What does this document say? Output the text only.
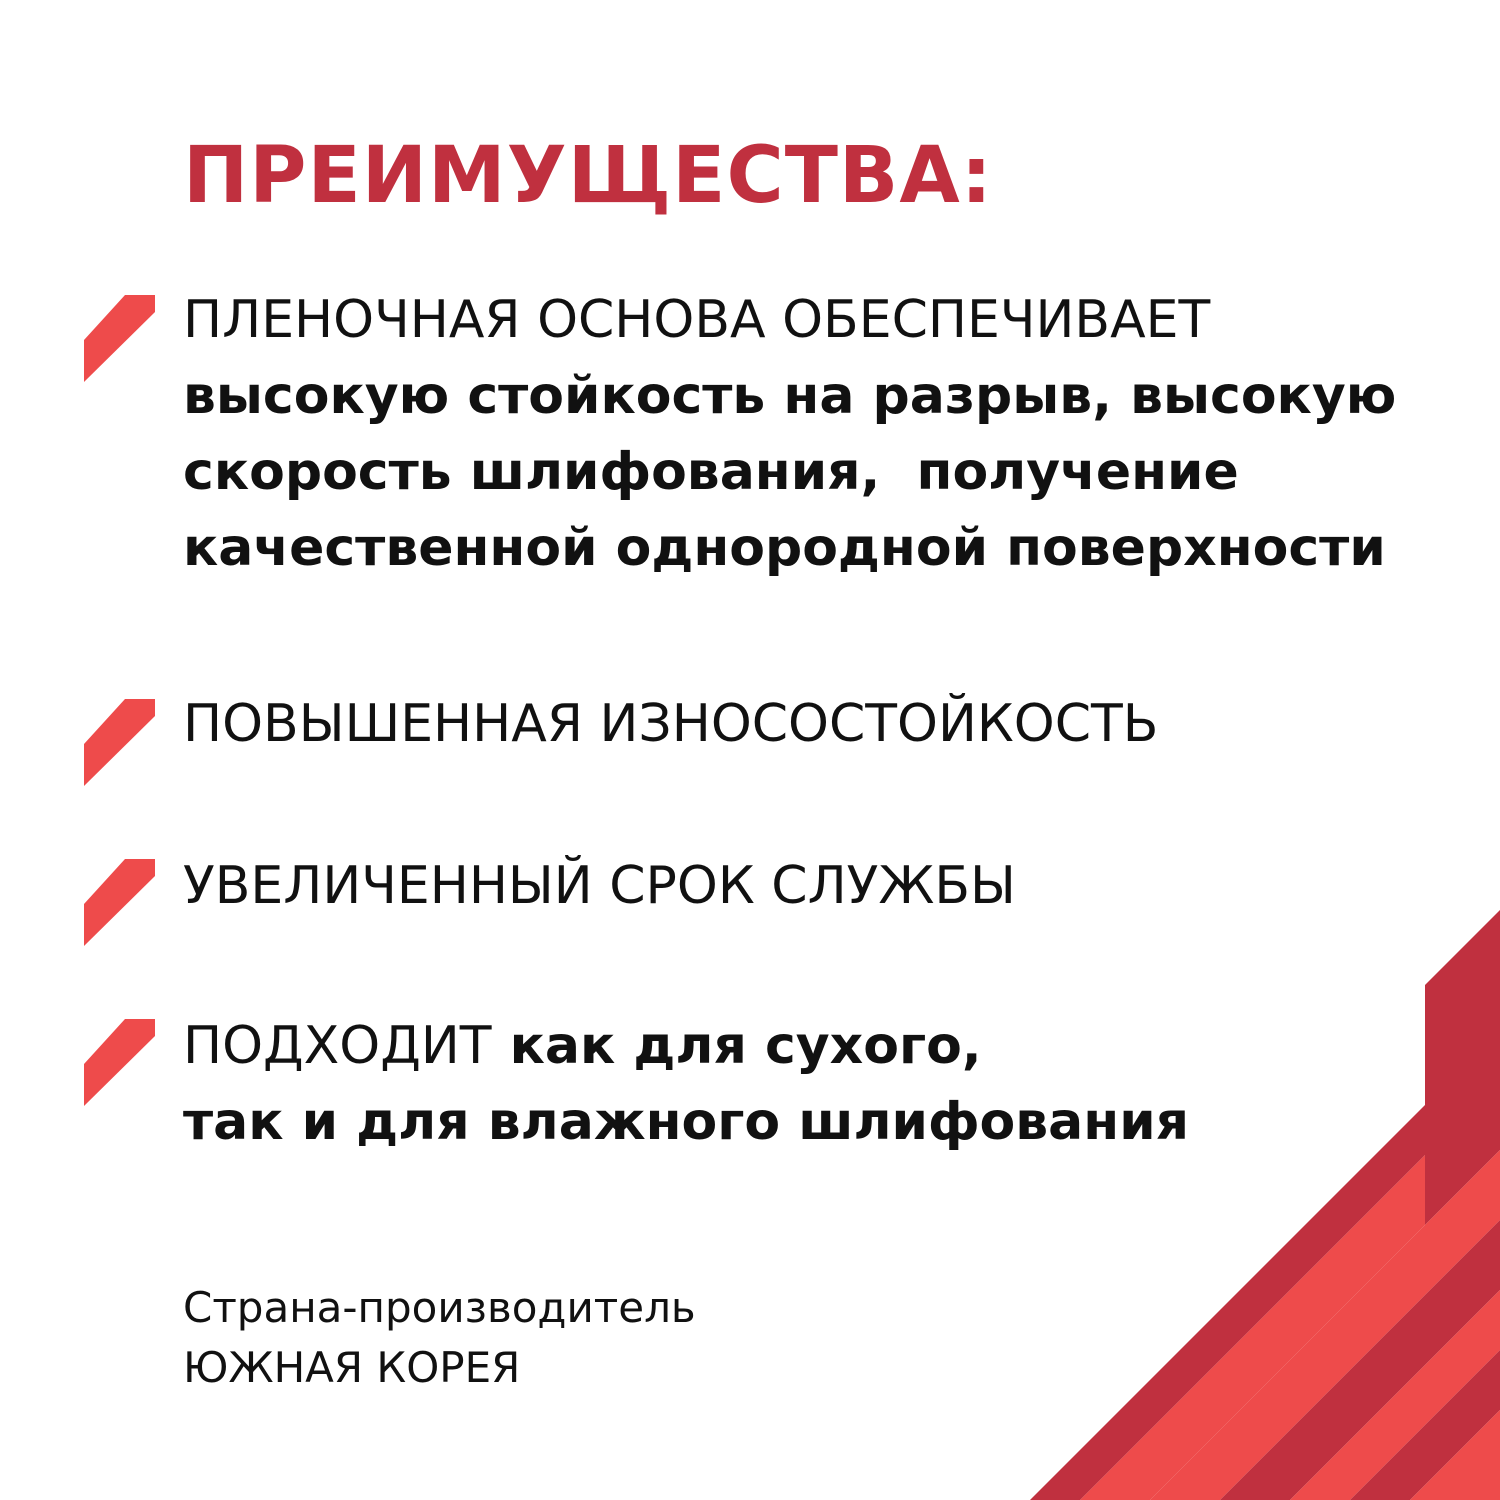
ПРЕИМУЩЕСТВА:
ПЛЕНОЧНАЯ ОСНОВА ОБЕСПЕЧИВАЕТ
высокую стойкость на разрыв, высокую
скорость шлифования,  получение
качественной однородной поверхности
ПОВЫШЕННАЯ ИЗНОСОСТОЙКОСТЬ
УВЕЛИЧЕННЫЙ СРОК СЛУЖБЫ
ПОДХОДИТ как для сухого,
так и для влажного шлифования
Страна-производитель
ЮЖНАЯ КОРЕЯ
